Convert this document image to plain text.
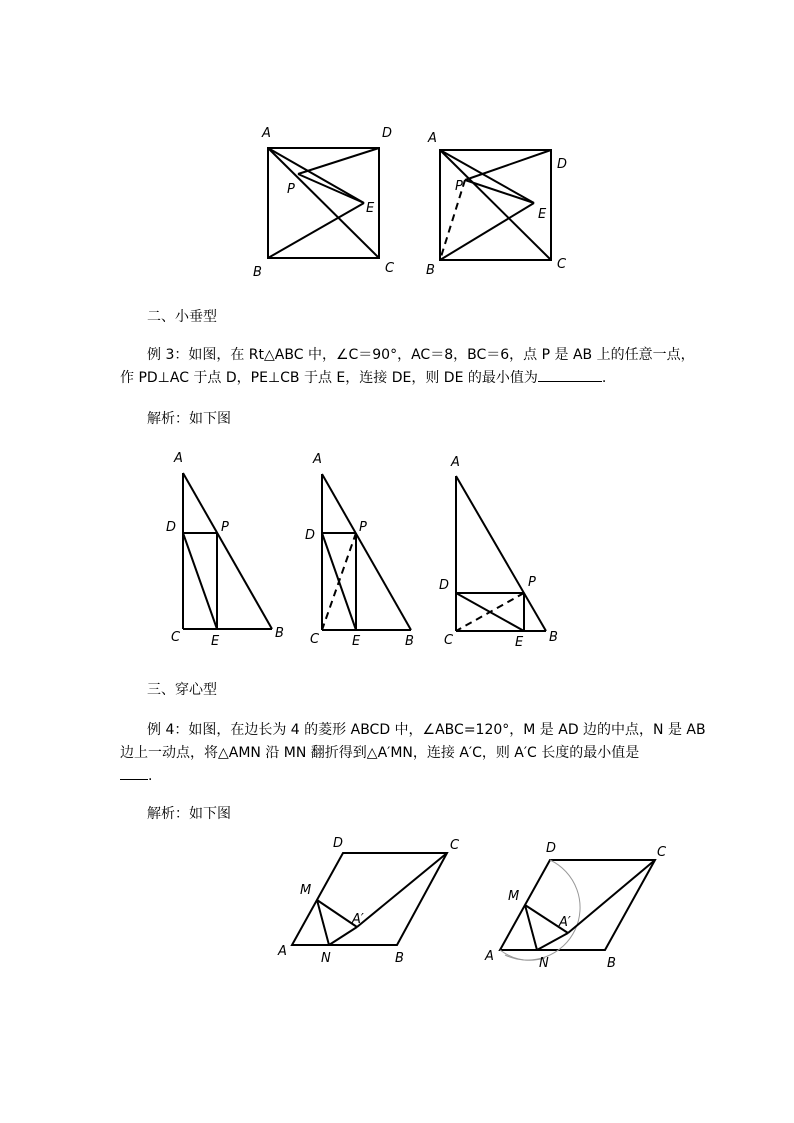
A	D
P
E
B	C
A
D
P
E
B	C
A
D	P
C E
B
A
D
P
C	E	B
A
D	P
C	E B
D	C
M
A′
A	N	B
D	C
M
A′
A	N	B
二、小垂型
例 3：如图，在 Rt△ABC 中，∠C＝90°，AC＝8，BC＝6，点 P 是 AB 上的任意一点，
作 PD⊥AC 于点 D，PE⊥CB 于点 E，连接 DE，则 DE 的最小值为	.
解析：如下图
三、穿心型
例 4：如图，在边长为 4 的菱形 ABCD 中，∠ABC=120°，M 是 AD 边的中点，N 是 AB
边上一动点，将△AMN 沿 MN 翻折得到△A′MN，连接 A′C，则 A′C 长度的最小值是
.
解析：如下图
